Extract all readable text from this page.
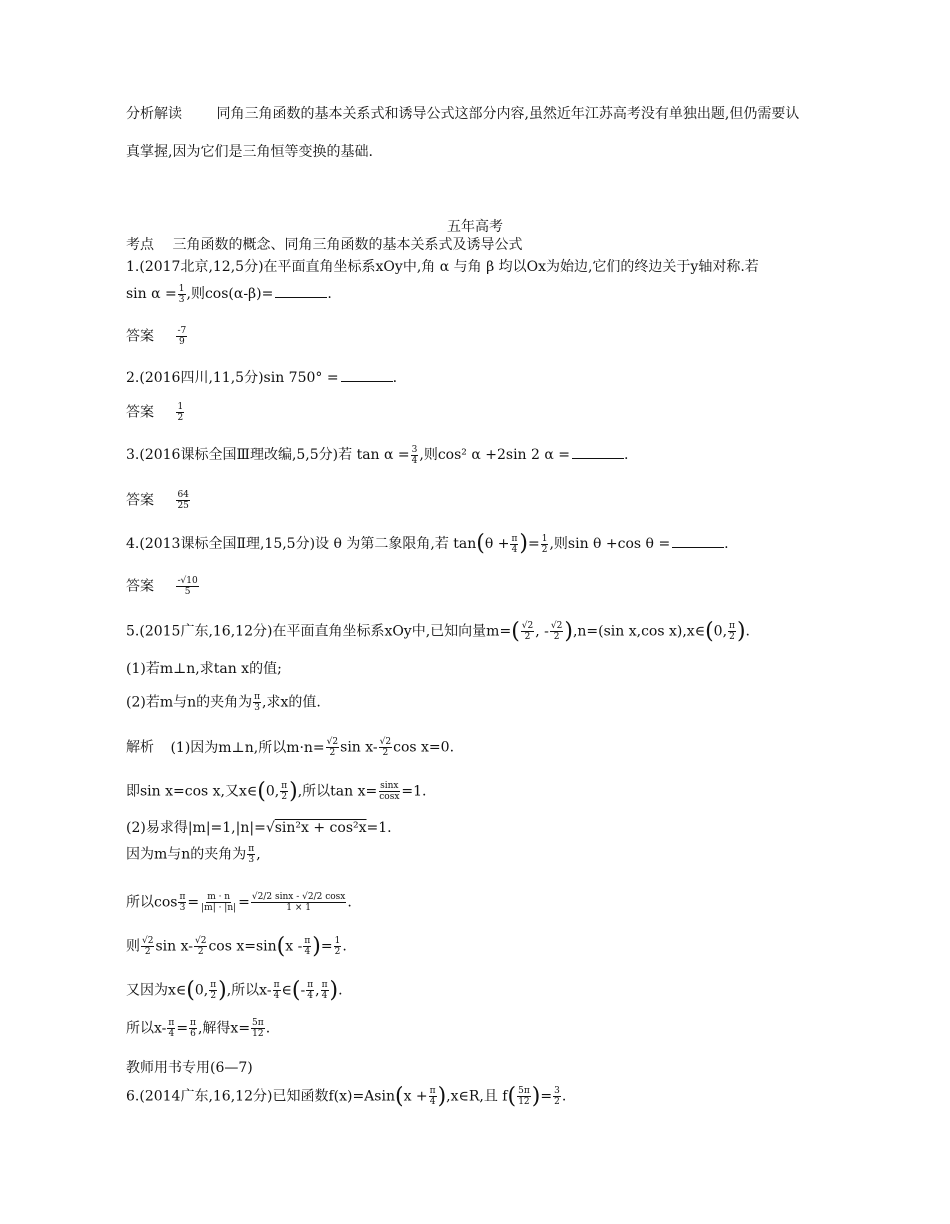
分析解读 同角三角函数的基本关系式和诱导公式这部分内容,虽然近年江苏高考没有单独出题,但仍需要认
真掌握,因为它们是三角恒等变换的基础.
五年高考
考点 三角函数的概念、同角三角函数的基本关系式及诱导公式
1.(2017北京,12,5分)在平面直角坐标系xOy中,角 α 与角 β 均以Ox为始边,它们的终边关于y轴对称.若
$\sin \alpha = \frac{1}{3}$ ,则cos(α-β)=	.
答案 $\frac{-7}{9}$
2.(2016四川,11,5分)sin 750° =	.
答案 $\frac{1}{2}$
3.(2016课标全国Ⅲ理改编,5,5分)若 $\tan \alpha = \frac{3}{4}$ ,则cos² α +2sin 2 α =	.
答案 $\frac{64}{25}$
4.(2013课标全国Ⅱ理,15,5分)设 θ 为第二象限角,若 $\tan(\theta + \frac{\pi}{4}$ )= $\frac{1}{2}$ ,则sin θ +cos θ =	.
答案 $\frac{-√10}{5}$
5.(2015广东,16,12分)在平面直角坐标系xOy中,已知向量$m=( \frac{√2}{2}$ , - $\frac{√2}{2} ),n=(\sin$ x,cos x),x∈(0, $\frac{\pi}{2}$ ).
(1)若m⊥n,求tan x的值;
(2)若m与n的夹角为 $\frac{\pi}{3}$ ,求x的值.
解析 (1)因为m⊥n,所以$m\cdot n= \frac{√2}{2}$ $\sin x- \frac{√2}{2}$ cos x=0.
即sin x=cos x,又x∈(0, $\frac{\pi}{2}$ ),所以$\tan x= \frac{\sin x}{\cos x} =1$.
(2)易求得|m|=1,|n|=√sin²x + cos²x=1.
因为m与n的夹角为 $\frac{\pi}{3}$ ,
所以$\cos \frac{\pi}{3} = \frac{m \cdot n}{|m| \cdot |n|} = \frac{√2/2 \sin x - √2/2 \cos x}{1 \times 1}$ .
则 $\frac{√2}{2}$ $\sin x- \frac{√2}{2}$ $\cos x=\sin(x - \frac{\pi}{4}$ )= $\frac{1}{2}$ .
又因为x∈(0, $\frac{\pi}{2}$ ),所以$x- \frac{\pi}{4}$ ∈(- $\frac{\pi}{4}$ , $\frac{\pi}{4}$ ).
所以$x- \frac{\pi}{4} = \frac{\pi}{6}$ ,解得$x= \frac{5\pi}{12}$ .
教师用书专用(6—7)
6.(2014广东,16,12分)已知函数$f(x)=Asin(x + \frac{\pi}{4}$ ),x∈R,且 $f( \frac{5\pi}{12}$ )= $\frac{3}{2}$ .
